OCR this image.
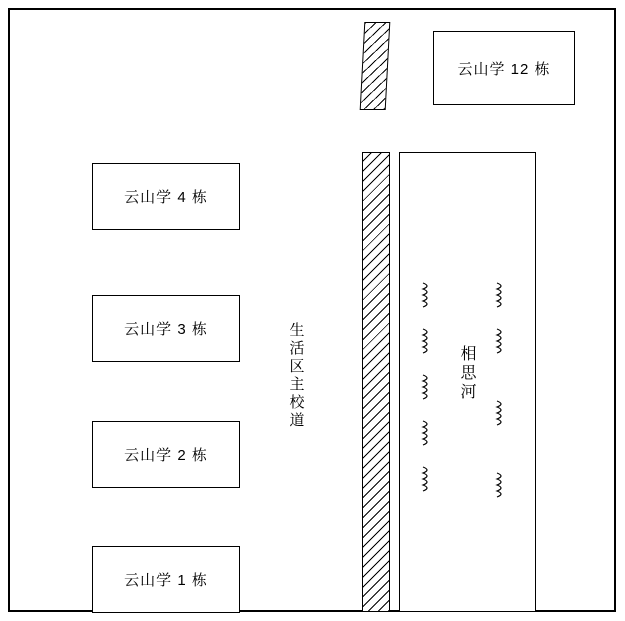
云山学 12 栋
云山学 4 栋
云山学 3 栋
云山学 2 栋
云山学 1 栋
生活区主校道	相思河
